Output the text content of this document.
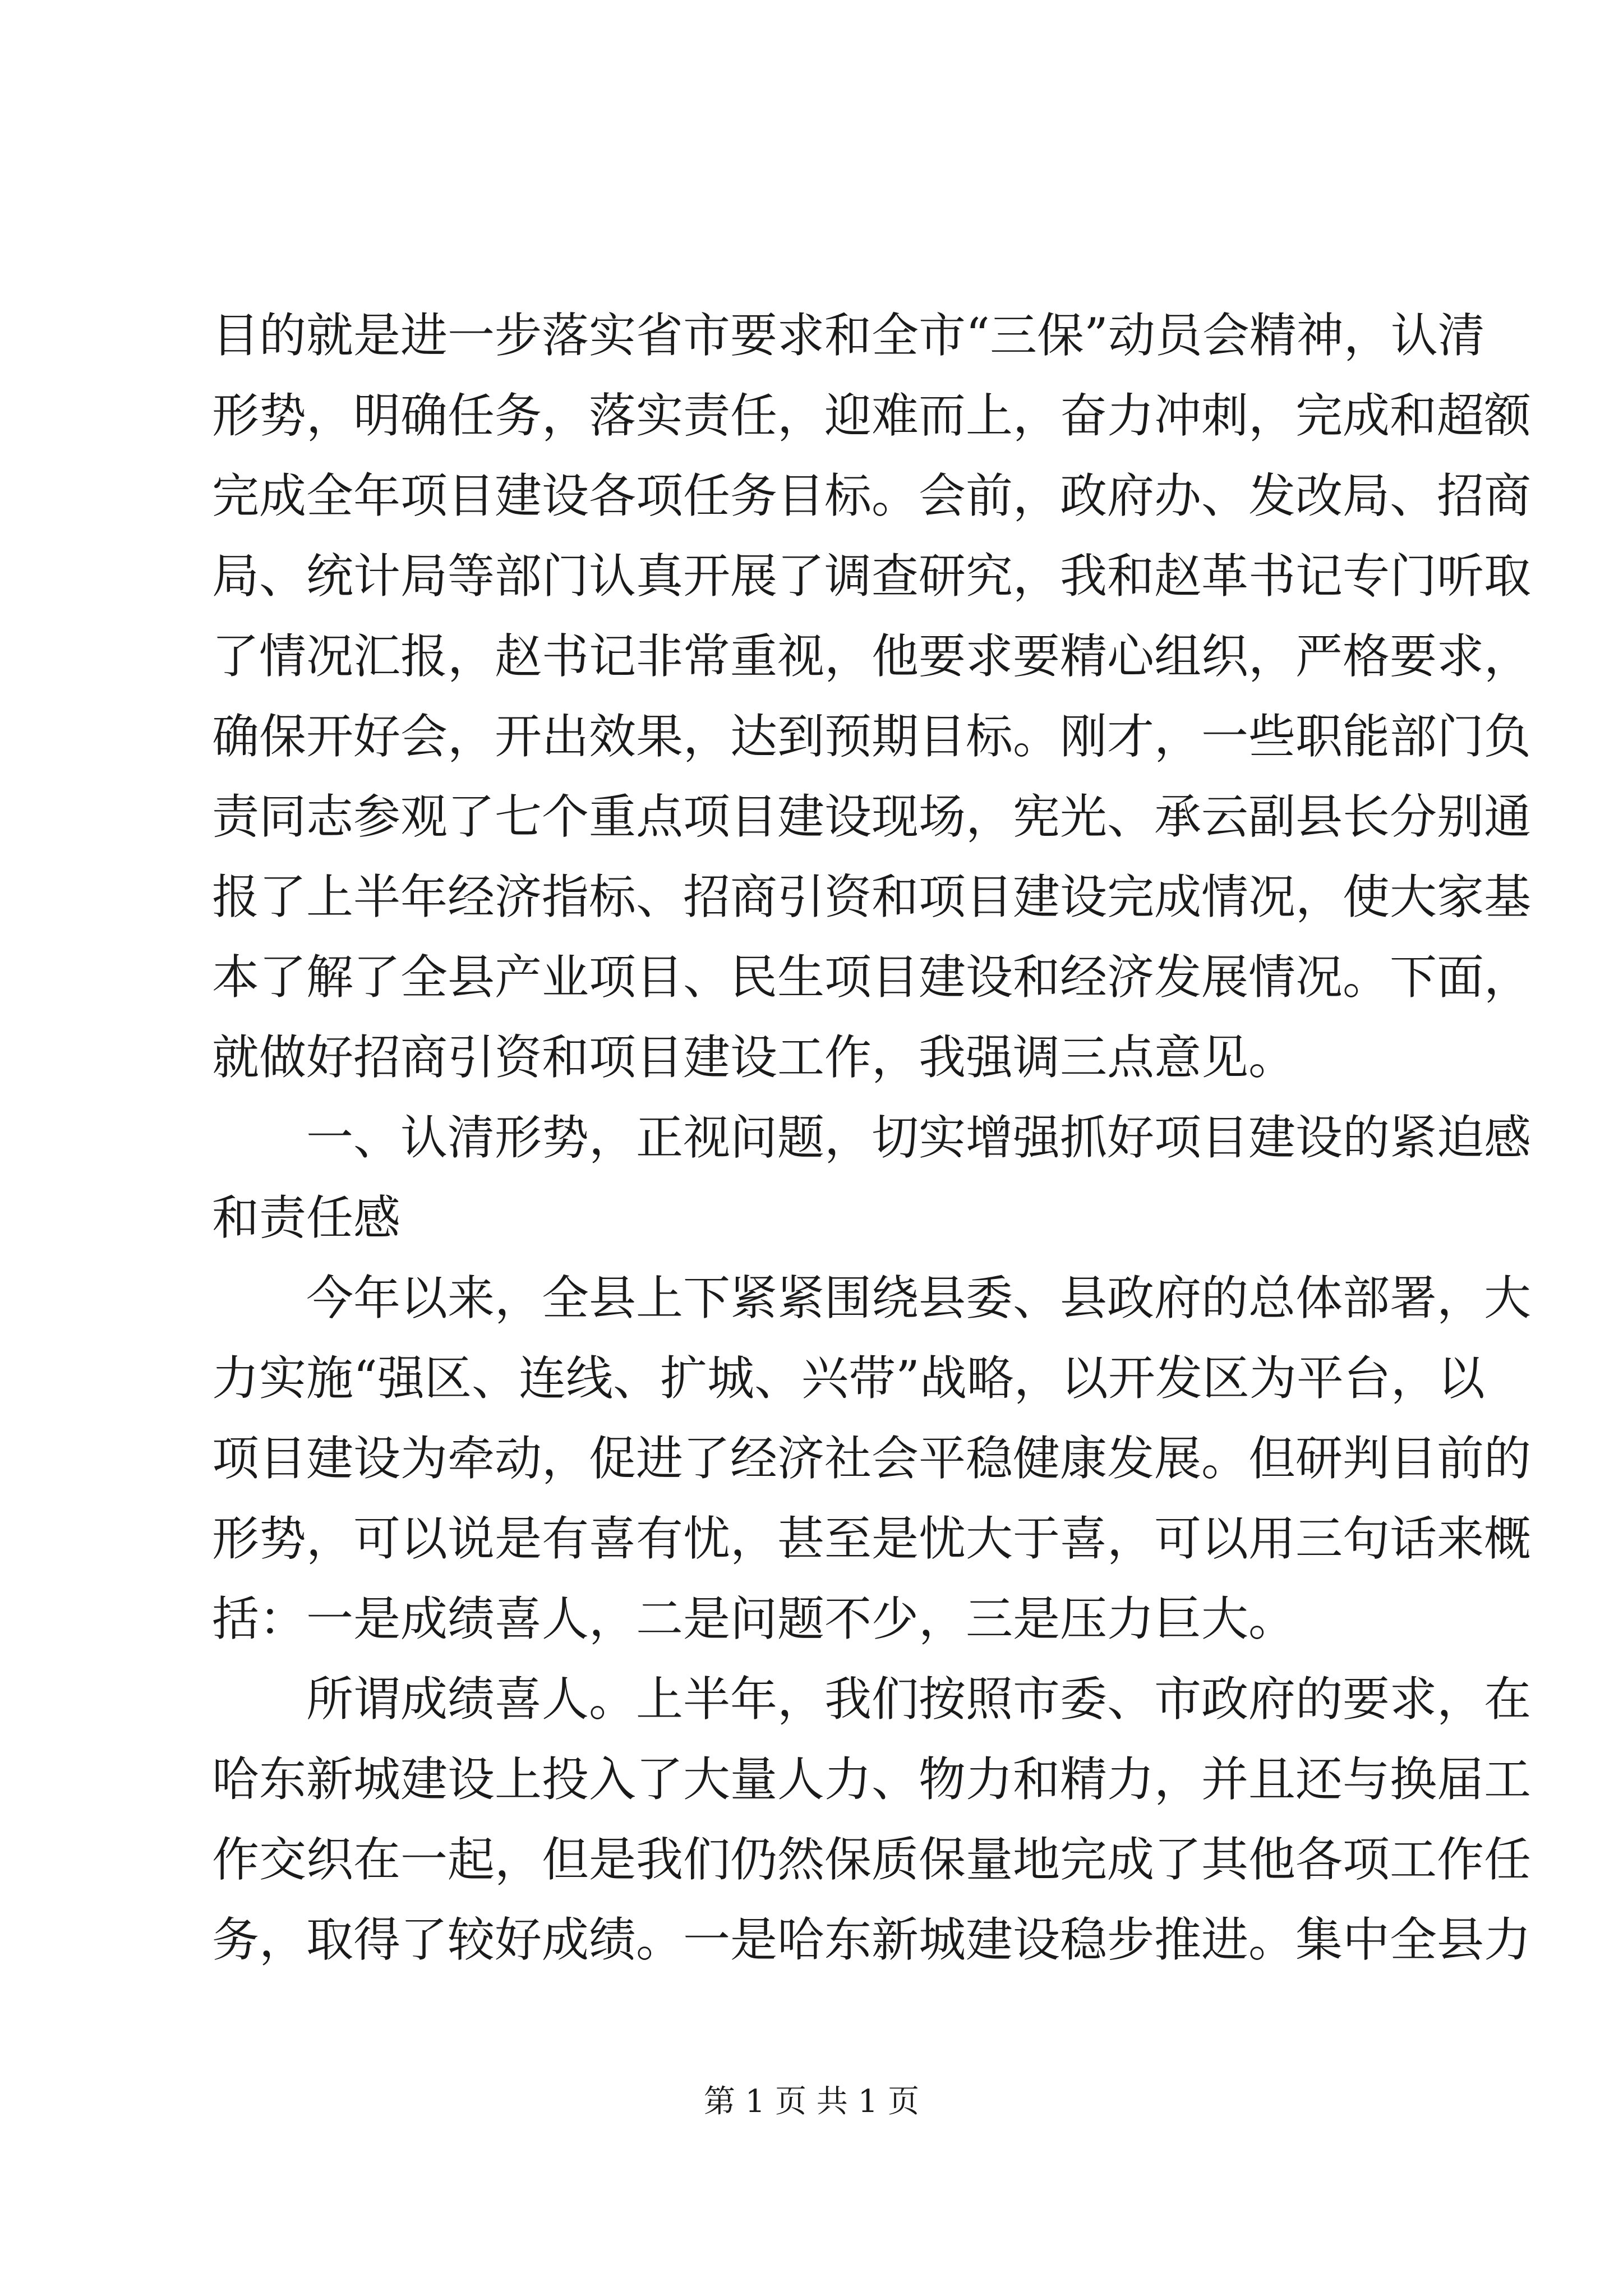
目的就是进一步落实省市要求和全市“三保”动员会精神，认清
形势，明确任务，落实责任，迎难而上，奋力冲刺，完成和超额
完成全年项目建设各项任务目标。会前，政府办、发改局、招商
局、统计局等部门认真开展了调查研究，我和赵革书记专门听取
了情况汇报，赵书记非常重视，他要求要精心组织，严格要求，
确保开好会，开出效果，达到预期目标。刚才，一些职能部门负
责同志参观了七个重点项目建设现场，宪光、承云副县长分别通
报了上半年经济指标、招商引资和项目建设完成情况，使大家基
本了解了全县产业项目、民生项目建设和经济发展情况。下面，
就做好招商引资和项目建设工作，我强调三点意见。
一、认清形势，正视问题，切实增强抓好项目建设的紧迫感
和责任感
今年以来，全县上下紧紧围绕县委、县政府的总体部署，大
力实施“强区、连线、扩城、兴带”战略，以开发区为平台，以
项目建设为牵动，促进了经济社会平稳健康发展。但研判目前的
形势，可以说是有喜有忧，甚至是忧大于喜，可以用三句话来概
括：一是成绩喜人，二是问题不少，三是压力巨大。
所谓成绩喜人。上半年，我们按照市委、市政府的要求，在
哈东新城建设上投入了大量人力、物力和精力，并且还与换届工
作交织在一起，但是我们仍然保质保量地完成了其他各项工作任
务，取得了较好成绩。一是哈东新城建设稳步推进。集中全县力
第 1 页 共 1 页
